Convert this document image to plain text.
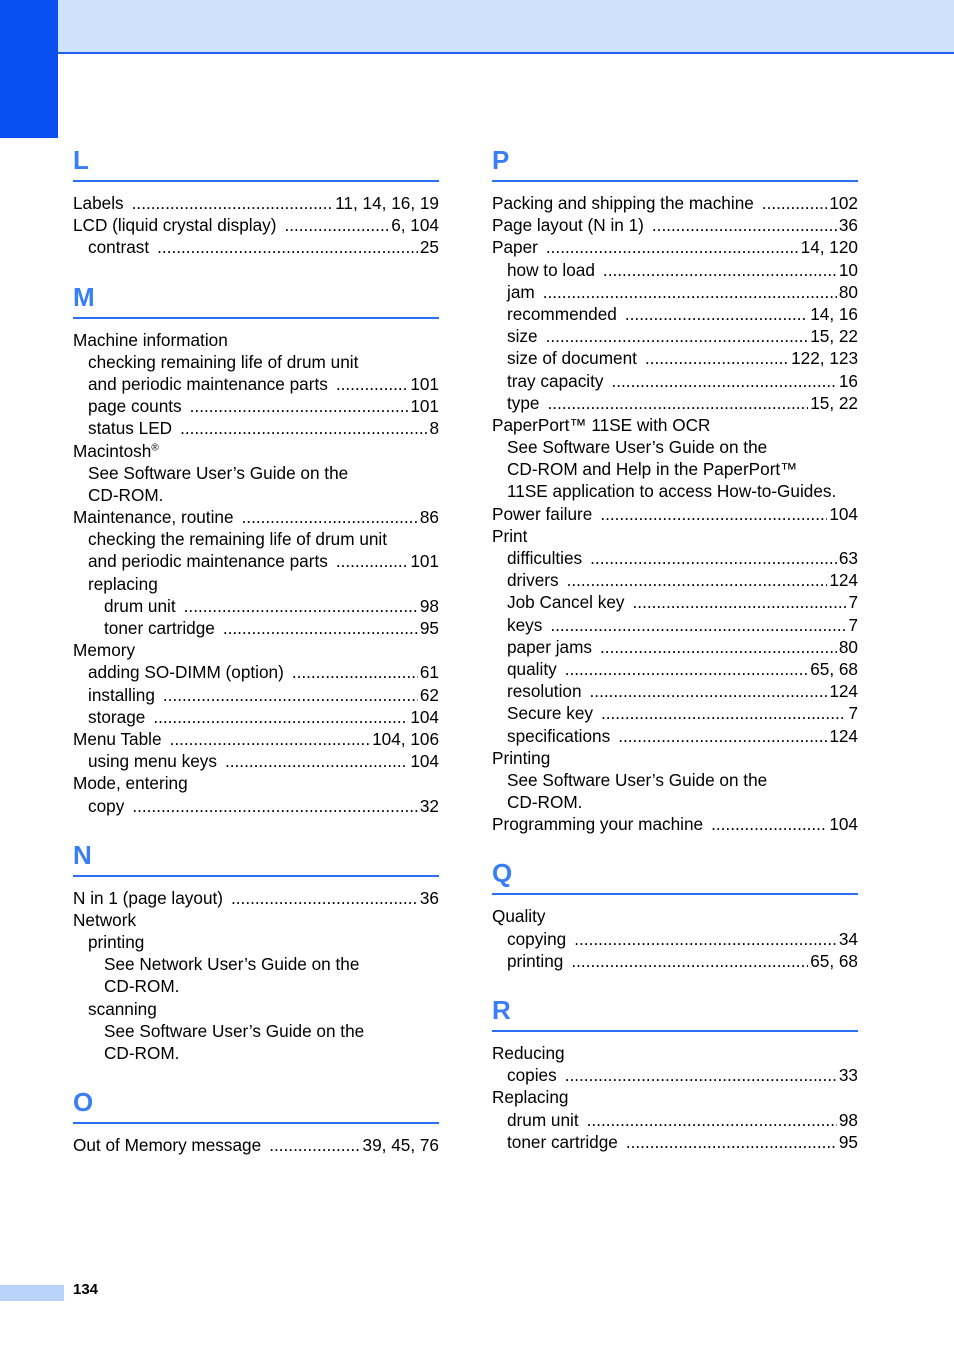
L
Labels .....	11, 14, 16, 19
LCD (liquid crystal display) .....	6, 104
contrast .....	25
M
Machine information
checking remaining life of drum unit
and periodic maintenance parts .....	101
page counts .....	101
status LED .....	8
Macintosh®
See Software User’s Guide on the
CD-ROM.
Maintenance, routine .....	86
checking the remaining life of drum unit
and periodic maintenance parts .....	101
replacing
drum unit .....	98
toner cartridge .....	95
Memory
adding SO-DIMM (option) .....	61
installing .....	62
storage .....	104
Menu Table .....	104, 106
using menu keys .....	104
Mode, entering
copy .....	32
N
N in 1 (page layout) .....	36
Network
printing
See Network User’s Guide on the
CD-ROM.
scanning
See Software User’s Guide on the
CD-ROM.
O
Out of Memory message .....	39, 45, 76
P
Packing and shipping the machine .....	102
Page layout (N in 1) .....	36
Paper .....	14, 120
how to load .....	10
jam .....	80
recommended .....	14, 16
size .....	15, 22
size of document .....	122, 123
tray capacity .....	16
type .....	15, 22
PaperPort™ 11SE with OCR
See Software User’s Guide on the
CD-ROM and Help in the PaperPort™
11SE application to access How-to-Guides.
Power failure .....	104
Print
difficulties .....	63
drivers .....	124
Job Cancel key .....	7
keys .....	7
paper jams .....	80
quality .....	65, 68
resolution .....	124
Secure key .....	7
specifications .....	124
Printing
See Software User’s Guide on the
CD-ROM.
Programming your machine .....	104
Q
Quality
copying .....	34
printing .....	65, 68
R
Reducing
copies .....	33
Replacing
drum unit .....	98
toner cartridge .....	95
134
